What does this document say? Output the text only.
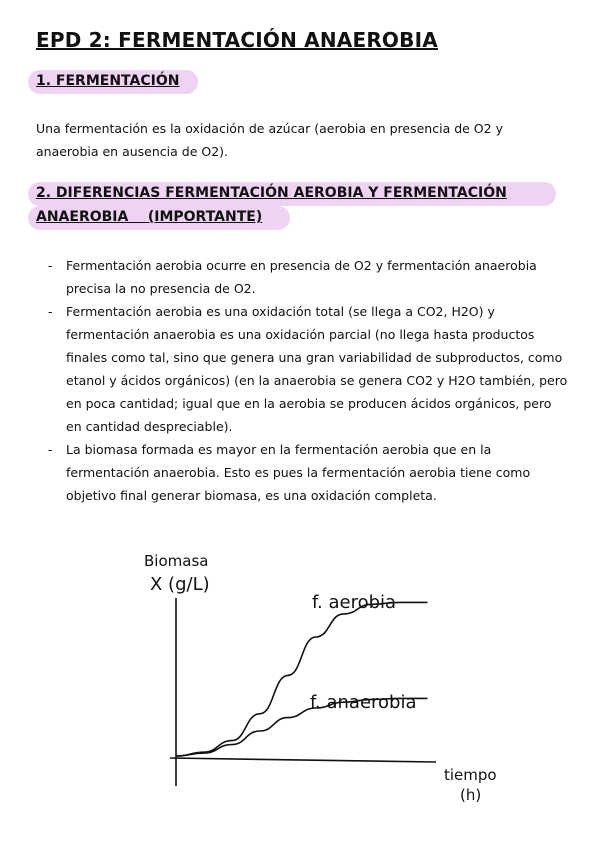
EPD 2: FERMENTACIÓN ANAEROBIA
1. FERMENTACIÓN
Una fermentación es la oxidación de azúcar (aerobia en presencia de O2 y anaerobia en ausencia de O2).
2. DIFERENCIAS FERMENTACIÓN AEROBIA Y FERMENTACIÓN
ANAEROBIA    (IMPORTANTE)
- Fermentación aerobia ocurre en presencia de O2 y fermentación anaerobia precisa la no presencia de O2.
- Fermentación aerobia es una oxidación total (se llega a CO2, H2O) y fermentación anaerobia es una oxidación parcial (no llega hasta productos finales como tal, sino que genera una gran variabilidad de subproductos, como etanol y ácidos orgánicos) (en la anaerobia se genera CO2 y H2O también, pero en poca cantidad; igual que en la aerobia se producen ácidos orgánicos, pero en cantidad despreciable).
- La biomasa formada es mayor en la fermentación aerobia que en la fermentación anaerobia. Esto es pues la fermentación aerobia tiene como objetivo final generar biomasa, es una oxidación completa.
Biomasa
X (g/L)
f. aerobia
f. anaerobia
tiempo
(h)
